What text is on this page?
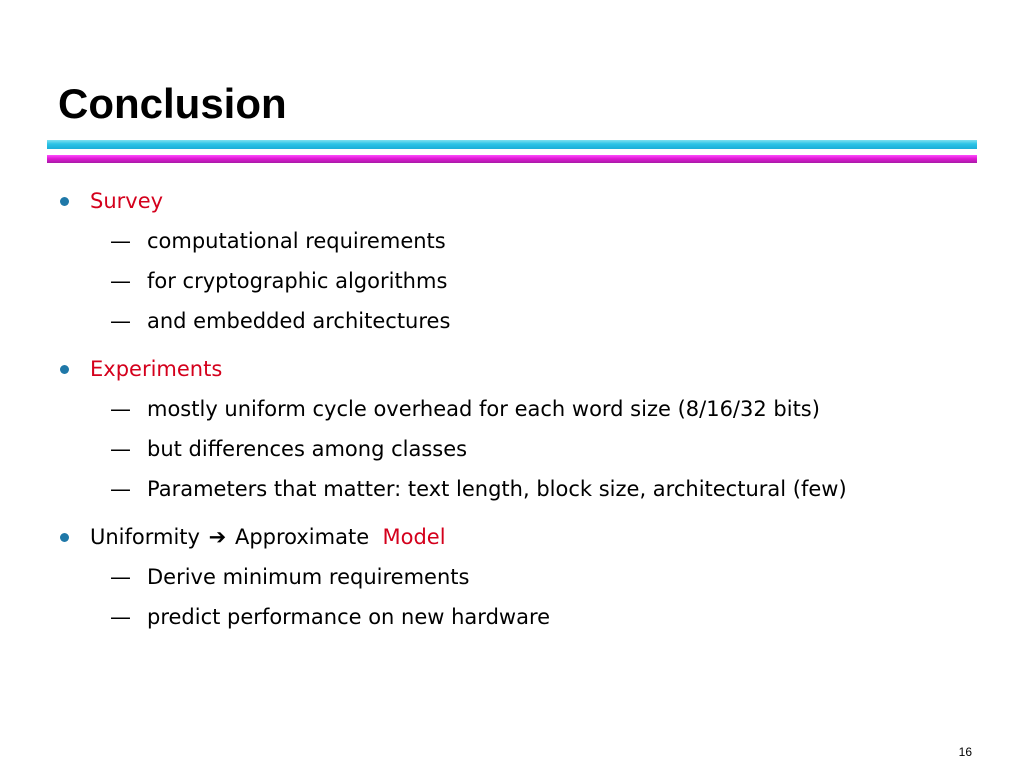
Conclusion
Survey
— computational requirements
— for cryptographic algorithms
— and embedded architectures
Experiments
— mostly uniform cycle overhead for each word size (8/16/32 bits)
— but differences among classes
— Parameters that matter: text length, block size, architectural (few)
Uniformity ➔ Approximate Model
— Derive minimum requirements
— predict performance on new hardware
16
